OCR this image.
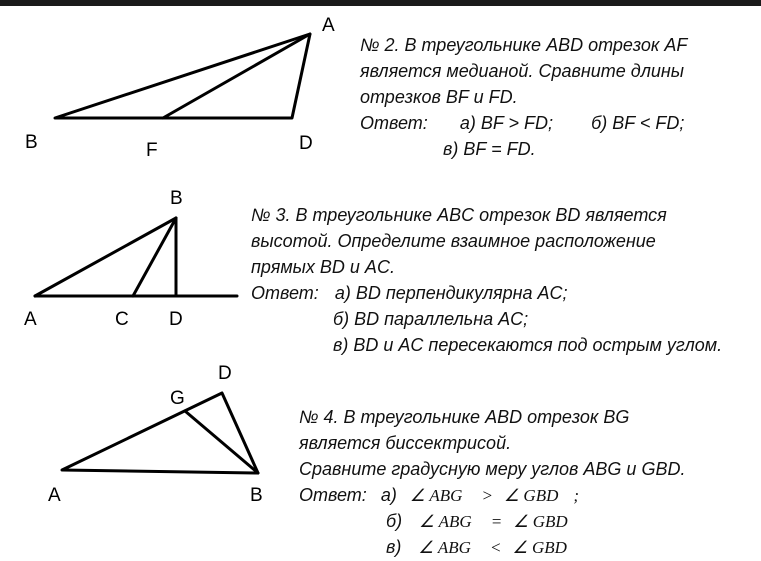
A
B	F	D
B
A	C D
D
G
A	B
№ 2. В треугольнике ABD отрезок AF
является медианой. Сравните длины
отрезков BF и FD.
Ответ: а) BF > FD; б) BF < FD;
в) BF = FD.
№ 3. В треугольнике ABC отрезок BD является
высотой. Определите взаимное расположение
прямых BD и AC.
Ответ: а) BD перпендикулярна AC;
б) BD параллельна AC;
в) BD и AC пересекаются под острым углом.
№ 4. В треугольнике ABD отрезок BG
является биссектрисой.
Сравните градусную меру углов ABG и GBD.
Ответ: а) ∠ ABG > ∠ GBD ;
б) ∠ ABG = ∠ GBD
в) ∠ ABG < ∠ GBD
